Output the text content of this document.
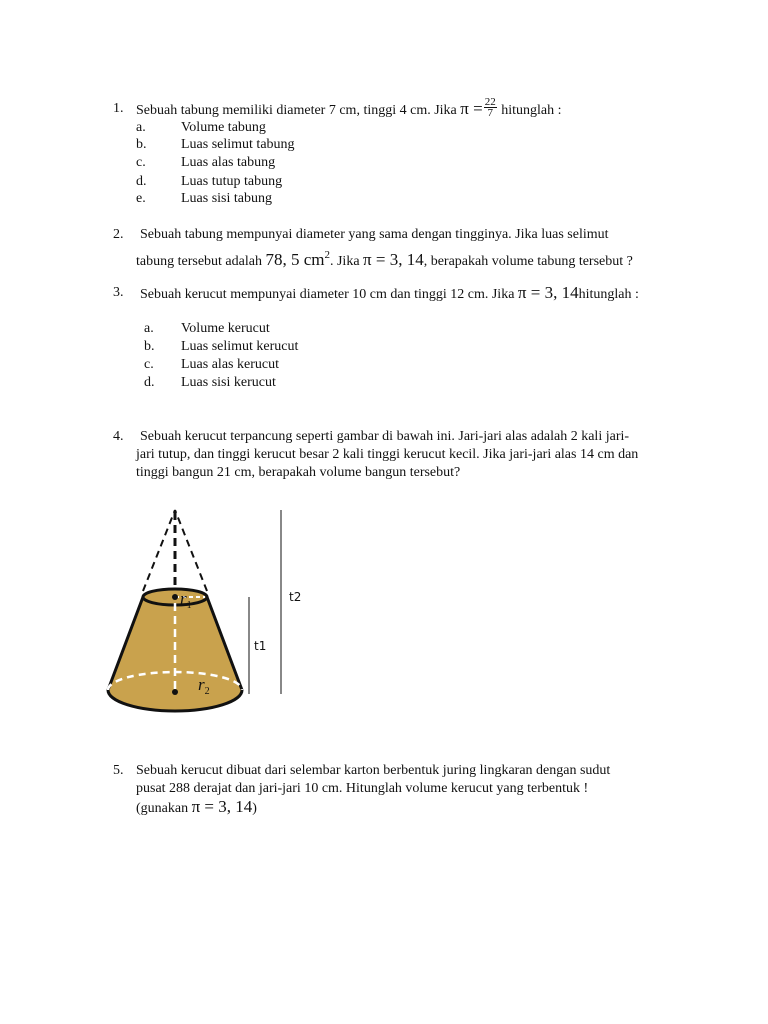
1. Sebuah tabung memiliki diameter 7 cm, tinggi 4 cm. Jika $\pi = \frac{22}{7}$ hitunglah :
a.	Volume tabung
b. Luas selimut tabung
c.	Luas alas tabung
d. Luas tutup tabung
e.	Luas sisi tabung
2. Sebuah tabung mempunyai diameter yang sama dengan tingginya. Jika luas selimut
tabung tersebut adalah 78, 5 $cm^2$. Jika π = 3, 14, berapakah volume tabung tersebut ?
3. Sebuah kerucut mempunyai diameter 10 cm dan tinggi 12 cm. Jika π = 3, 14hitunglah :
a. Volume kerucut
b. Luas selimut kerucut
c. Luas alas kerucut
d. Luas sisi kerucut
4. Sebuah kerucut terpancung seperti gambar di bawah ini. Jari-jari alas adalah 2 kali jari-
jari tutup, dan tinggi kerucut besar 2 kali tinggi kerucut kecil. Jika jari-jari alas 14 cm dan
tinggi bangun 21 cm, berapakah volume bangun tersebut?
$r_1$
$r_2$
t2
t1
5. Sebuah kerucut dibuat dari selembar karton berbentuk juring lingkaran dengan sudut
pusat 288 derajat dan jari-jari 10 cm. Hitunglah volume kerucut yang terbentuk !
(gunakan π = 3, 14)
